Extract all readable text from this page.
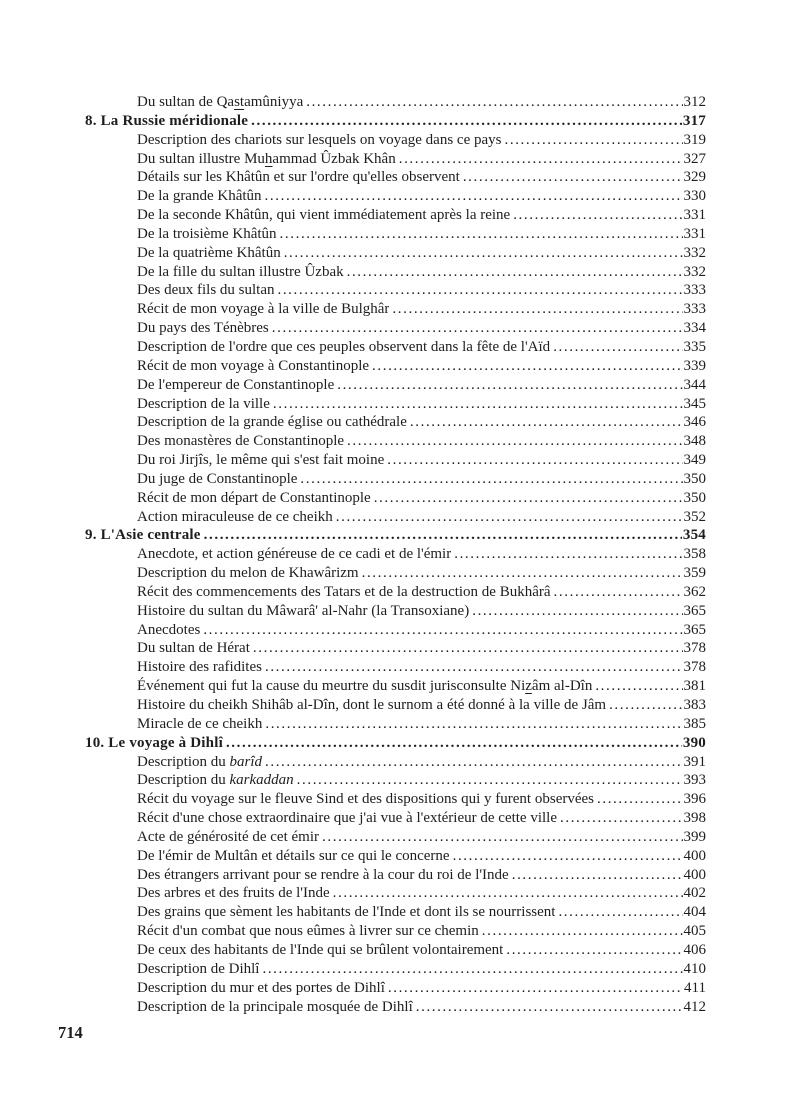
Du sultan de Qastamûniyya .....	312
8. La Russie méridionale .....	317
Description des chariots sur lesquels on voyage dans ce pays .....	319
Du sultan illustre Muhammad Ûzbak Khân .....	327
Détails sur les Khâtûn et sur l'ordre qu'elles observent .....	329
De la grande Khâtûn .....	330
De la seconde Khâtûn, qui vient immédiatement après la reine .....	331
De la troisième Khâtûn .....	331
De la quatrième Khâtûn .....	332
De la fille du sultan illustre Ûzbak .....	332
Des deux fils du sultan .....	333
Récit de mon voyage à la ville de Bulghâr .....	333
Du pays des Ténèbres .....	334
Description de l'ordre que ces peuples observent dans la fête de l'Aïd .....	335
Récit de mon voyage à Constantinople .....	339
De l'empereur de Constantinople .....	344
Description de la ville .....	345
Description de la grande église ou cathédrale .....	346
Des monastères de Constantinople .....	348
Du roi Jirjîs, le même qui s'est fait moine .....	349
Du juge de Constantinople .....	350
Récit de mon départ de Constantinople .....	350
Action miraculeuse de ce cheikh .....	352
9. L'Asie centrale .....	354
Anecdote, et action généreuse de ce cadi et de l'émir .....	358
Description du melon de Khawârizm .....	359
Récit des commencements des Tatars et de la destruction de Bukhârâ .....	362
Histoire du sultan du Mâwarâ' al-Nahr (la Transoxiane) .....	365
Anecdotes .....	365
Du sultan de Hérat .....	378
Histoire des rafidites .....	378
Événement qui fut la cause du meurtre du susdit jurisconsulte Nizâm al-Dîn .....	381
Histoire du cheikh Shihâb al-Dîn, dont le surnom a été donné à la ville de Jâm .....	383
Miracle de ce cheikh .....	385
10. Le voyage à Dihlî .....	390
Description du barîd .....	391
Description du karkaddan .....	393
Récit du voyage sur le fleuve Sind et des dispositions qui y furent observées .....	396
Récit d'une chose extraordinaire que j'ai vue à l'extérieur de cette ville .....	398
Acte de générosité de cet émir .....	399
De l'émir de Multân et détails sur ce qui le concerne .....	400
Des étrangers arrivant pour se rendre à la cour du roi de l'Inde .....	400
Des arbres et des fruits de l'Inde .....	402
Des grains que sèment les habitants de l'Inde et dont ils se nourrissent .....	404
Récit d'un combat que nous eûmes à livrer sur ce chemin .....	405
De ceux des habitants de l'Inde qui se brûlent volontairement .....	406
Description de Dihlî .....	410
Description du mur et des portes de Dihlî .....	411
Description de la principale mosquée de Dihlî .....	412
714
